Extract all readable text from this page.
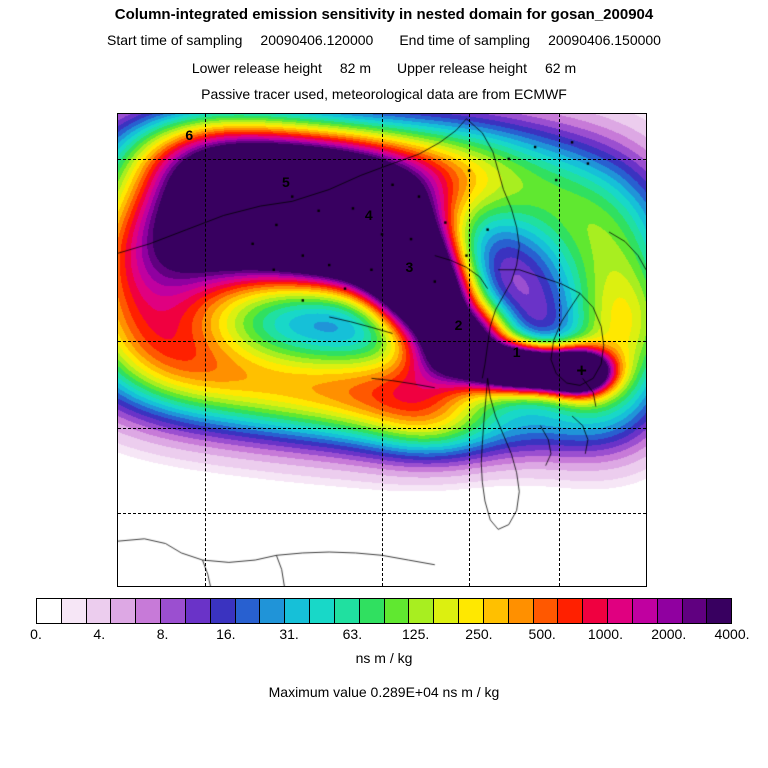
Column-integrated emission sensitivity in nested domain for gosan_200904
Start time of sampling 20090406.120000 End time of sampling 20090406.150000
Lower release height 82 m Upper release height 62 m
Passive tracer used, meteorological data are from ECMWF
6
5
4
3
2
1
+
0.	4.	8.	16.	31.	63.	125.	250.	500. 1000. 2000. 4000.
ns m / kg
Maximum value 0.289E+04 ns m / kg
